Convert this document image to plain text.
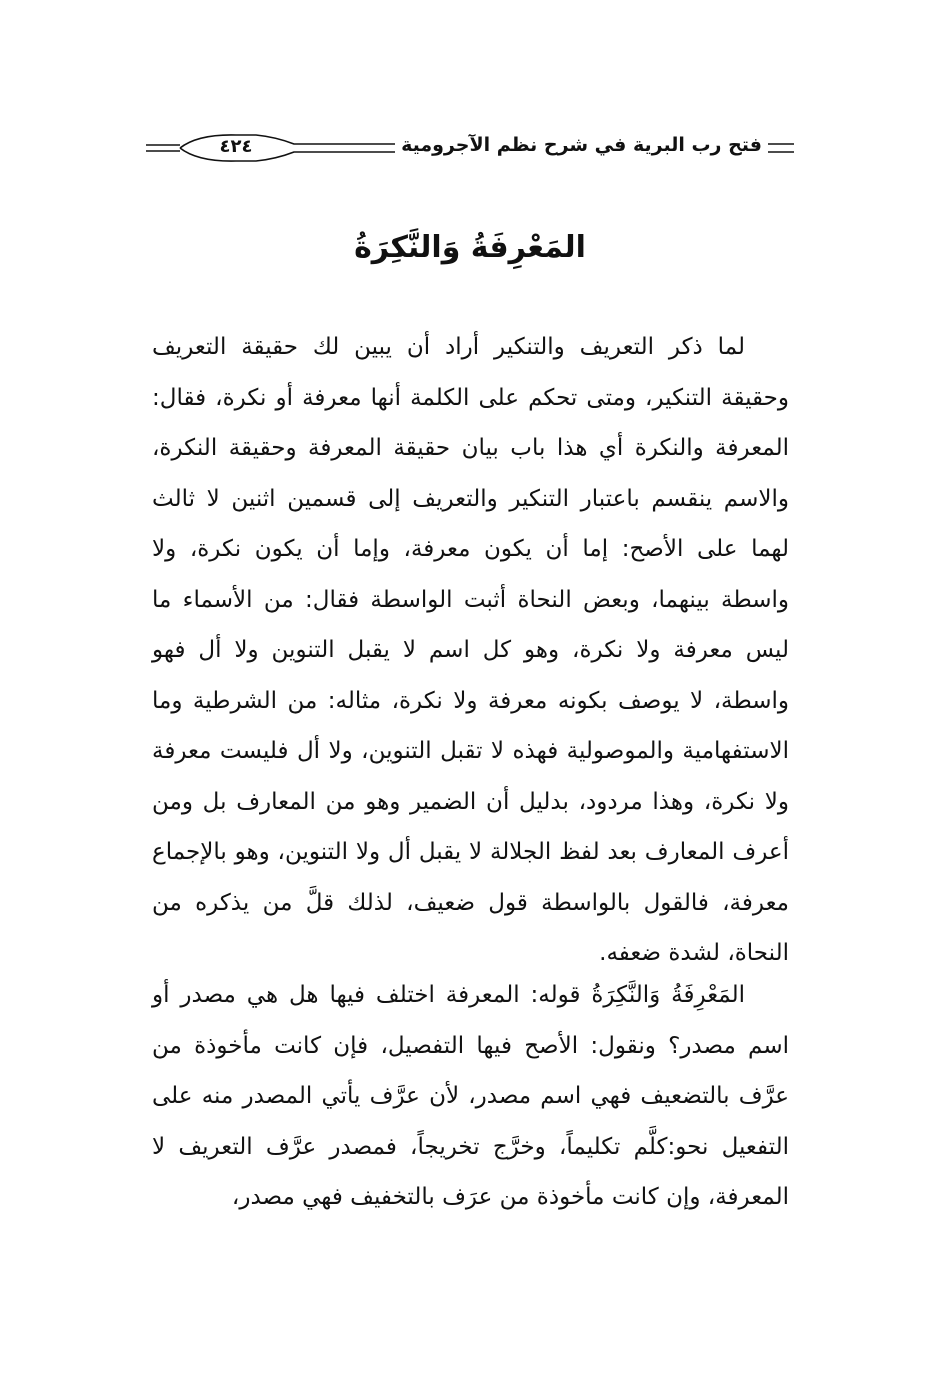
٤٢٤	فتح رب البرية في شرح نظم الآجرومية
المَعْرِفَةُ وَالنَّكِرَةُ
لما ذكر التعريف والتنكير أراد أن يبين لك حقيقة التعريف وحقيقة التنكير، ومتى تحكم على الكلمة أنها معرفة أو نكرة، فقال: المعرفة والنكرة أي هذا باب بيان حقيقة المعرفة وحقيقة النكرة، والاسم ينقسم باعتبار التنكير والتعريف إلى قسمين اثنين لا ثالث لهما على الأصح: إما أن يكون معرفة، وإما أن يكون نكرة، ولا واسطة بينهما، وبعض النحاة أثبت الواسطة فقال: من الأسماء ما ليس معرفة ولا نكرة، وهو كل اسم لا يقبل التنوين ولا أل فهو واسطة، لا يوصف بكونه معرفة ولا نكرة، مثاله: من الشرطية وما الاستفهامية والموصولية فهذه لا تقبل التنوين، ولا أل فليست معرفة ولا نكرة، وهذا مردود، بدليل أن الضمير وهو من المعارف بل ومن أعرف المعارف بعد لفظ الجلالة لا يقبل أل ولا التنوين، وهو بالإجماع معرفة، فالقول بالواسطة قول ضعيف، لذلك قلَّ من يذكره من النحاة، لشدة ضعفه.
المَعْرِفَةُ وَالنَّكِرَةُ قوله: المعرفة اختلف فيها هل هي مصدر أو اسم مصدر؟ ونقول: الأصح فيها التفصيل، فإن كانت مأخوذة من عرَّف بالتضعيف فهي اسم مصدر، لأن عرَّف يأتي المصدر منه على التفعيل نحو:كلَّم تكليماً، وخرَّج تخريجاً، فمصدر عرَّف التعريف لا المعرفة، وإن كانت مأخوذة من عرَف بالتخفيف فهي مصدر،
